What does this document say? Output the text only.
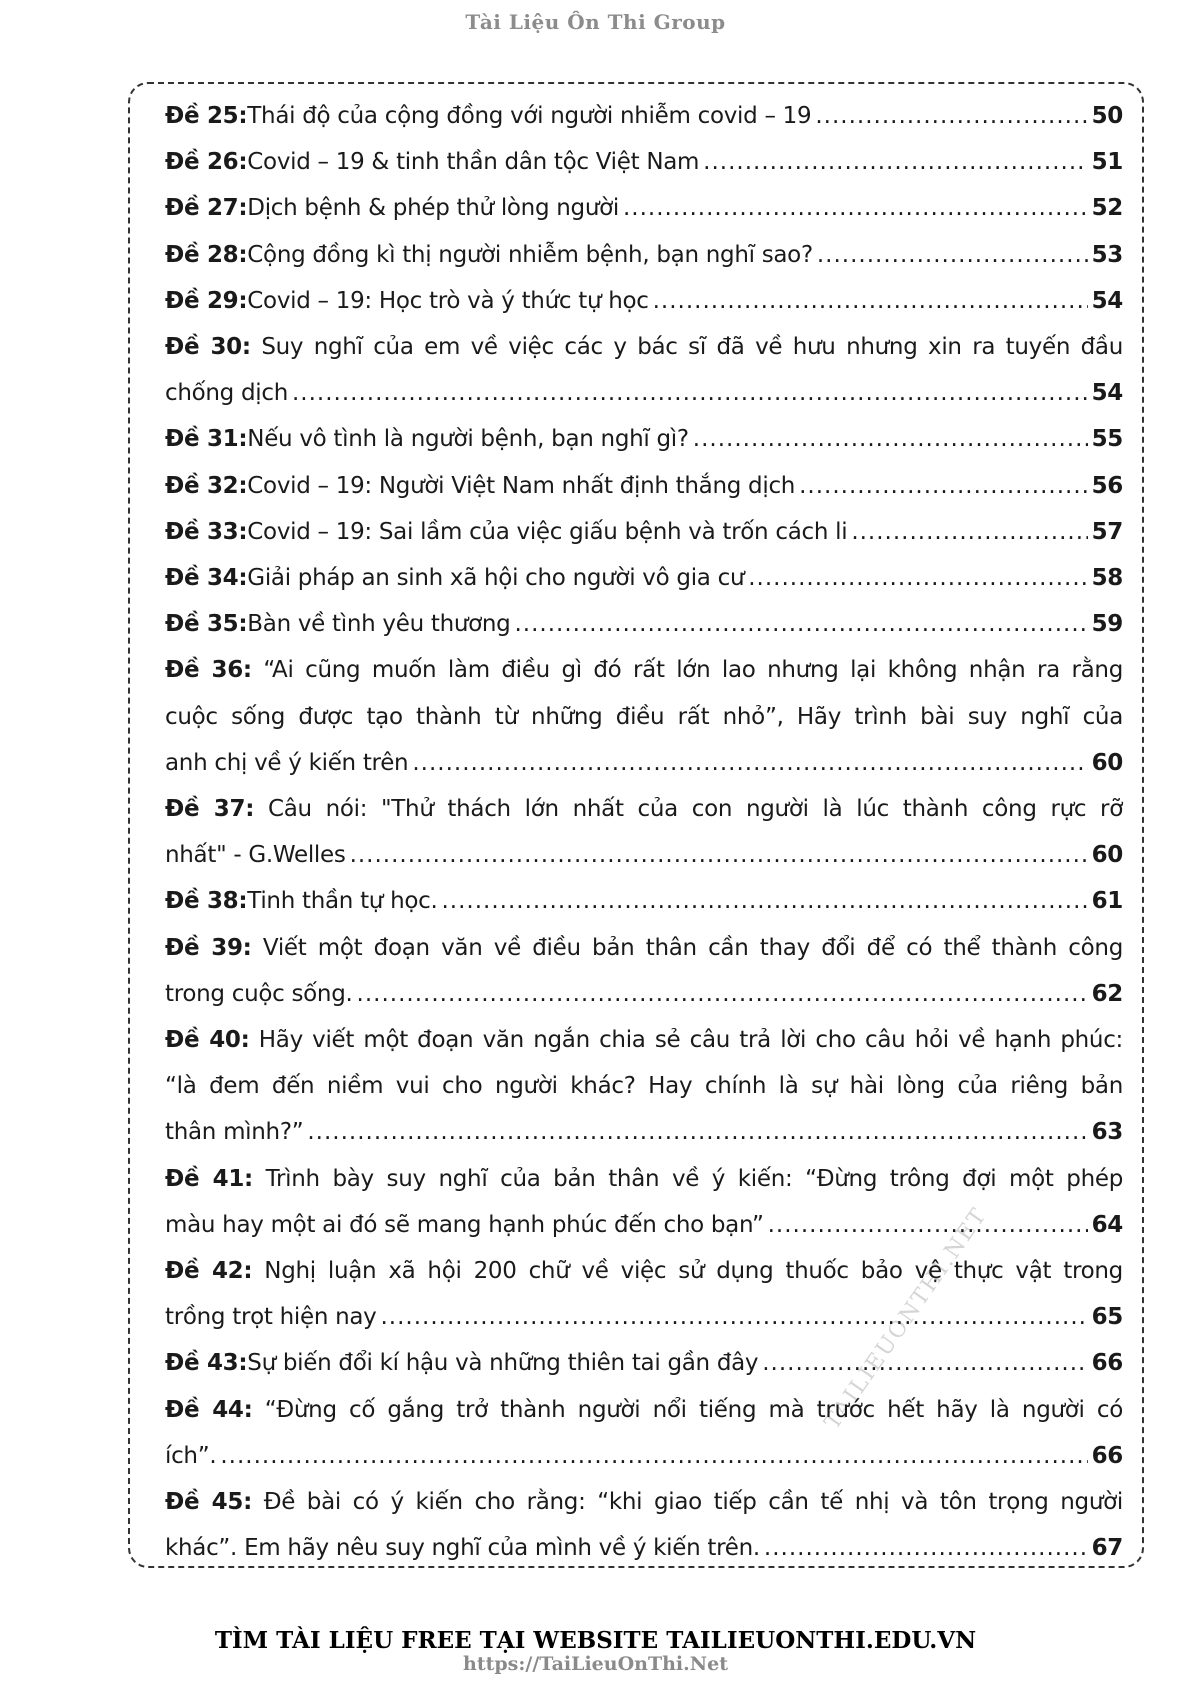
Tài Liệu Ôn Thi Group
TAILIEUONTHI.NET
Đề 25: Thái độ của cộng đồng với người nhiễm covid – 19 .....	50
Đề 26: Covid – 19 & tinh thần dân tộc Việt Nam .....	51
Đề 27: Dịch bệnh & phép thử lòng người .....	52
Đề 28: Cộng đồng kì thị người nhiễm bệnh, bạn nghĩ sao? .....	53
Đề 29: Covid – 19: Học trò và ý thức tự học .....	54
Đề 30: Suy nghĩ của em về việc các y bác sĩ đã về hưu nhưng xin ra tuyến đầu
chống dịch .....	54
Đề 31: Nếu vô tình là người bệnh, bạn nghĩ gì? .....	55
Đề 32: Covid – 19: Người Việt Nam nhất định thắng dịch .....	56
Đề 33: Covid – 19: Sai lầm của việc giấu bệnh và trốn cách li .....	57
Đề 34: Giải pháp an sinh xã hội cho người vô gia cư .....	58
Đề 35: Bàn về tình yêu thương .....	59
Đề 36: “Ai cũng muốn làm điều gì đó rất lớn lao nhưng lại không nhận ra rằng
cuộc sống được tạo thành từ những điều rất nhỏ”, Hãy trình bài suy nghĩ của
anh chị về ý kiến trên .....	60
Đề 37: Câu nói: "Thử thách lớn nhất của con người là lúc thành công rực rỡ
nhất" - G.Welles .....	60
Đề 38: Tinh thần tự học. .....	61
Đề 39: Viết một đoạn văn về điều bản thân cần thay đổi để có thể thành công
trong cuộc sống. .....	62
Đề 40: Hãy viết một đoạn văn ngắn chia sẻ câu trả lời cho câu hỏi về hạnh phúc:
“là đem đến niềm vui cho người khác? Hay chính là sự hài lòng của riêng bản
thân mình?” .....	63
Đề 41: Trình bày suy nghĩ của bản thân về ý kiến: “Đừng trông đợi một phép
màu hay một ai đó sẽ mang hạnh phúc đến cho bạn” .....	64
Đề 42: Nghị luận xã hội 200 chữ về việc sử dụng thuốc bảo vệ thực vật trong
trồng trọt hiện nay .....	65
Đề 43: Sự biến đổi kí hậu và những thiên tai gần đây .....	66
Đề 44: “Đừng cố gắng trở thành người nổi tiếng mà trước hết hãy là người có
ích”. .....	66
Đề 45: Đề bài có ý kiến cho rằng: “khi giao tiếp cần tế nhị và tôn trọng người
khác”. Em hãy nêu suy nghĩ của mình về ý kiến trên. .....	67
TÌM TÀI LIỆU FREE TẠI WEBSITE TAILIEUONTHI.EDU.VN
https://TaiLieuOnThi.Net
